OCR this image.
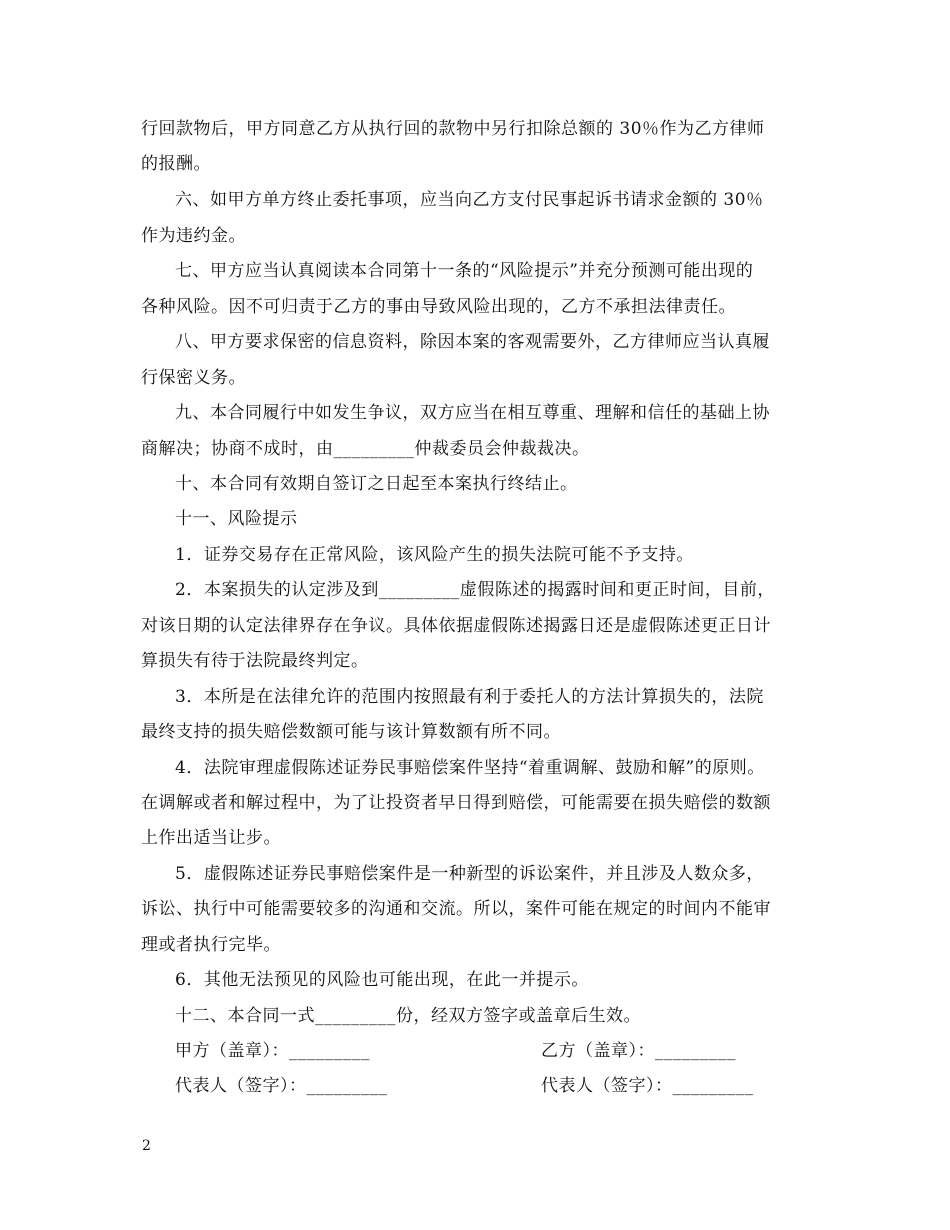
行回款物后，甲方同意乙方从执行回的款物中另行扣除总额的 30％作为乙方律师
的报酬。
六、如甲方单方终止委托事项，应当向乙方支付民事起诉书请求金额的 30％
作为违约金。
七、甲方应当认真阅读本合同第十一条的“风险提示”并充分预测可能出现的
各种风险。因不可归责于乙方的事由导致风险出现的，乙方不承担法律责任。
八、甲方要求保密的信息资料，除因本案的客观需要外，乙方律师应当认真履
行保密义务。
九、本合同履行中如发生争议，双方应当在相互尊重、理解和信任的基础上协
商解决；协商不成时，由_________仲裁委员会仲裁裁决。
十、本合同有效期自签订之日起至本案执行终结止。
十一、风险提示
1．证券交易存在正常风险，该风险产生的损失法院可能不予支持。
2．本案损失的认定涉及到_________虚假陈述的揭露时间和更正时间，目前，
对该日期的认定法律界存在争议。具体依据虚假陈述揭露日还是虚假陈述更正日计
算损失有待于法院最终判定。
3．本所是在法律允许的范围内按照最有利于委托人的方法计算损失的，法院
最终支持的损失赔偿数额可能与该计算数额有所不同。
4．法院审理虚假陈述证券民事赔偿案件坚持“着重调解、鼓励和解”的原则。
在调解或者和解过程中，为了让投资者早日得到赔偿，可能需要在损失赔偿的数额
上作出适当让步。
5．虚假陈述证券民事赔偿案件是一种新型的诉讼案件，并且涉及人数众多，
诉讼、执行中可能需要较多的沟通和交流。所以，案件可能在规定的时间内不能审
理或者执行完毕。
6．其他无法预见的风险也可能出现，在此一并提示。
十二、本合同一式_________份，经双方签字或盖章后生效。
甲方（盖章）：_________	乙方（盖章）：_________
代表人（签字）：_________	代表人（签字）：_________
2
